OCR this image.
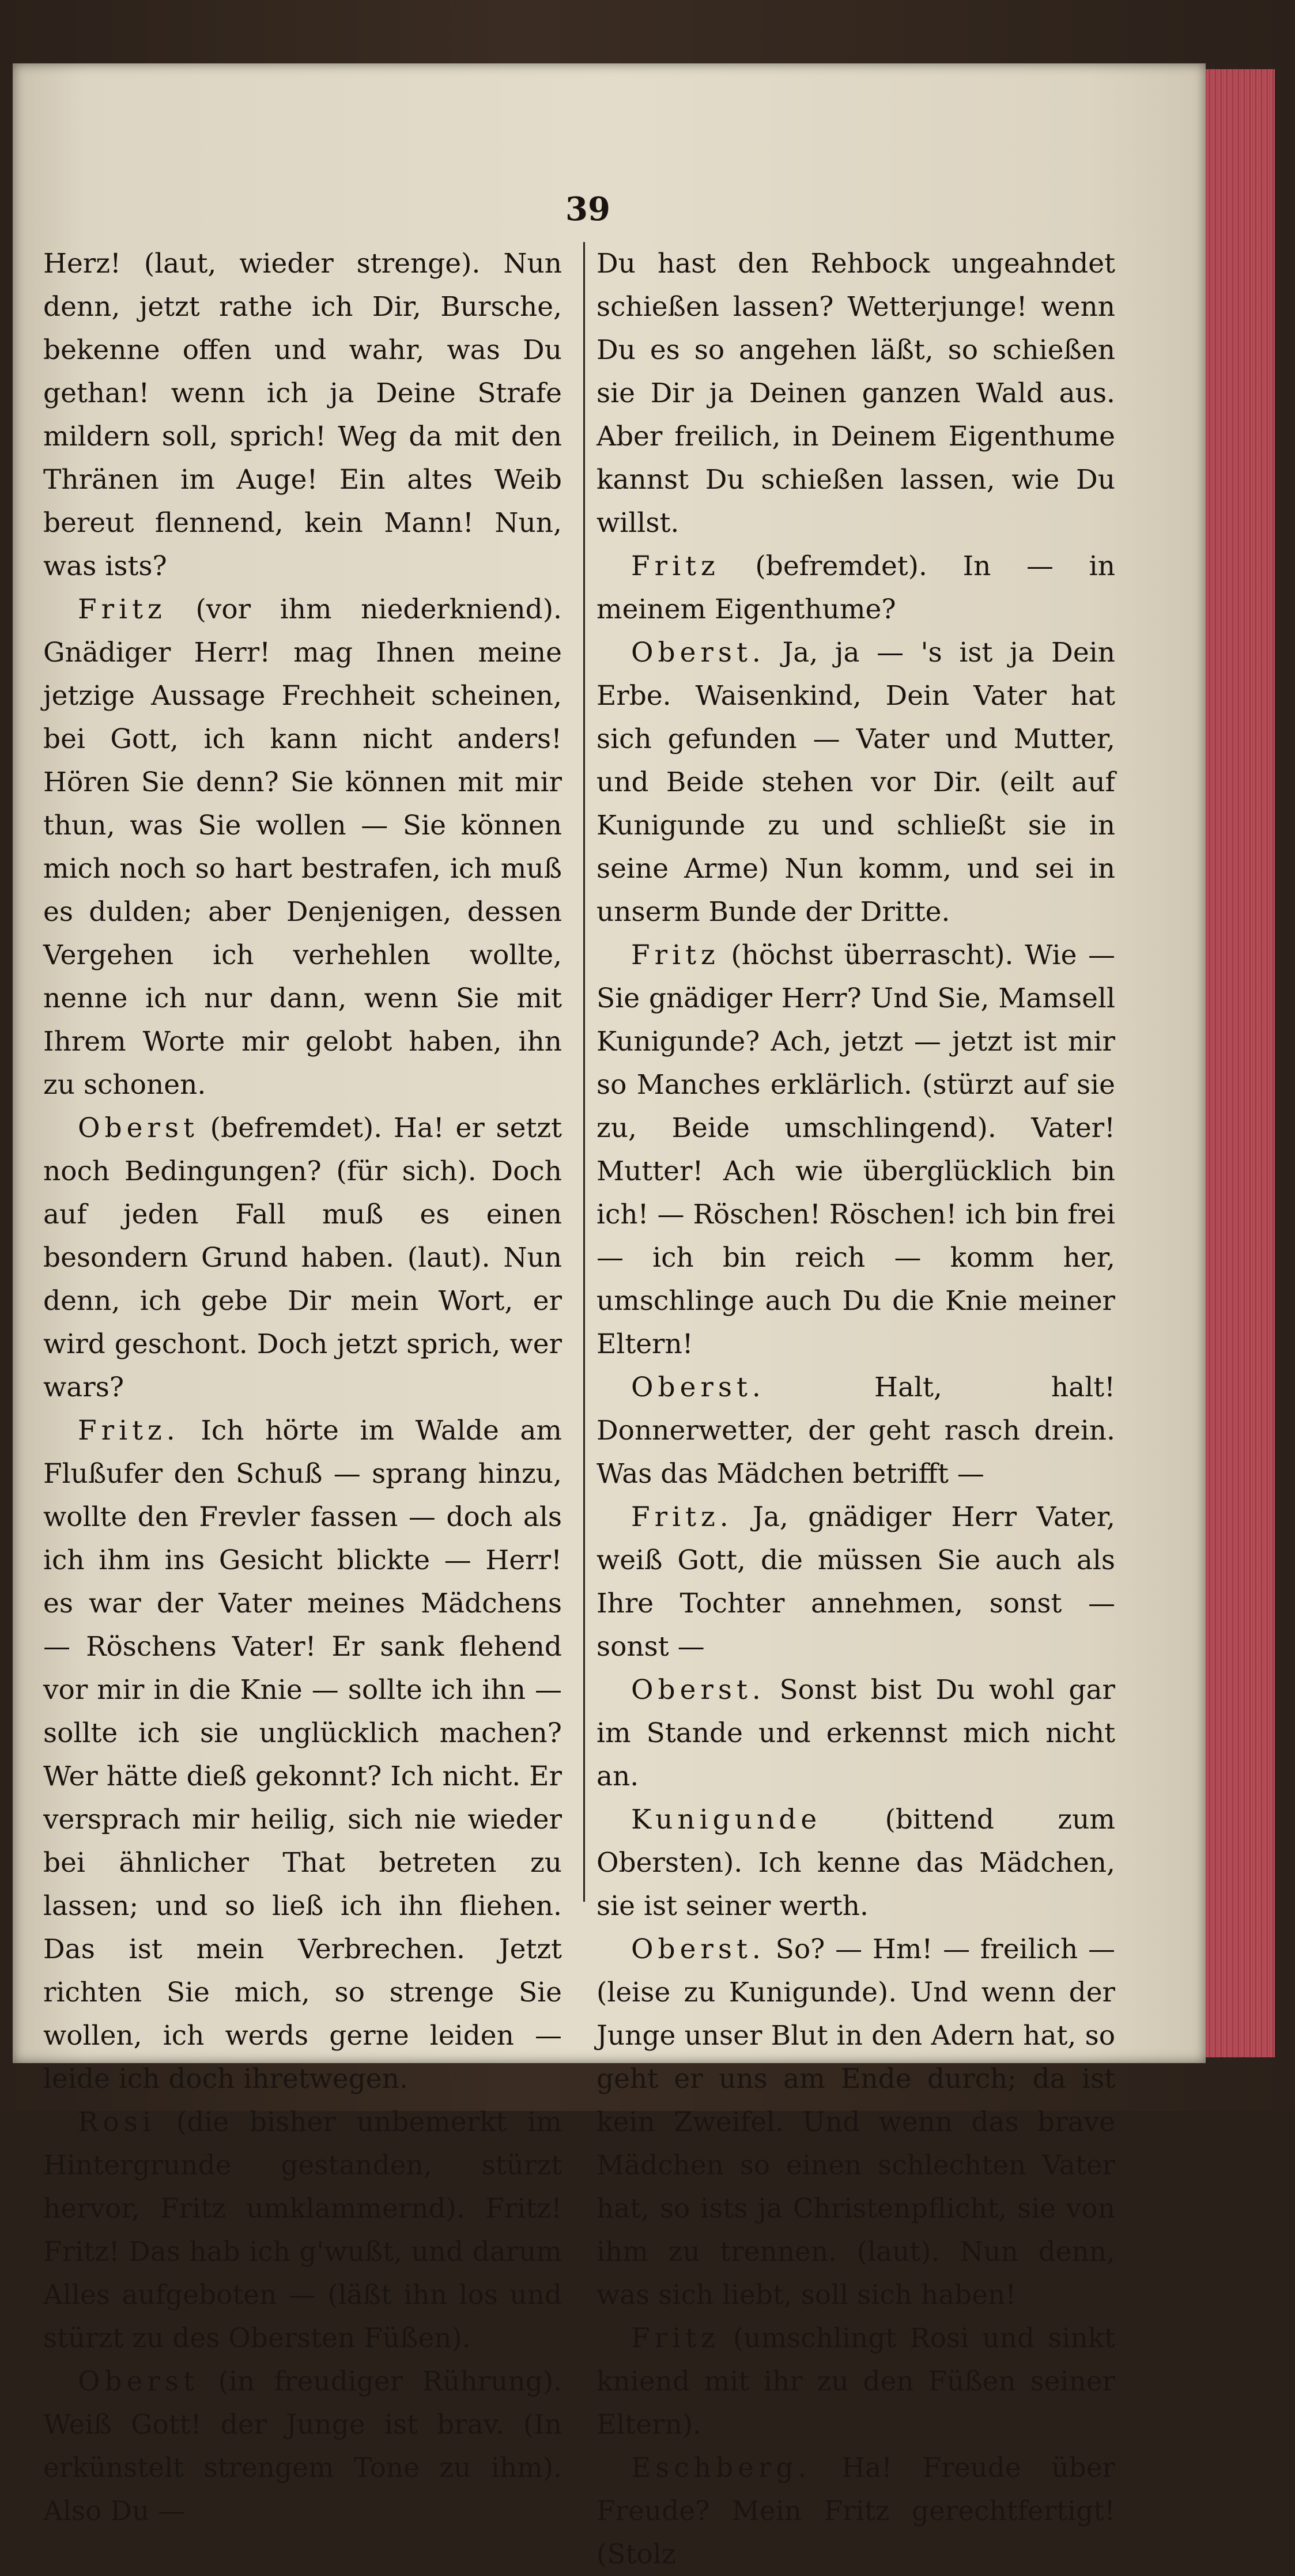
39

Herz! (laut, wieder strenge). Nun denn, jetzt rathe ich Dir, Bursche, bekenne offen und wahr, was Du gethan! wenn ich ja Deine Strafe mildern soll, sprich! Weg da mit den Thränen im Auge! Ein altes Weib bereut flennend, kein Mann! Nun, was ists?

Fritz (vor ihm niederkniend). Gnädiger Herr! mag Ihnen meine jetzige Aussage Frechheit scheinen, bei Gott, ich kann nicht anders! Hören Sie denn? Sie können mit mir thun, was Sie wollen — Sie können mich noch so hart bestrafen, ich muß es dulden; aber Denjenigen, dessen Vergehen ich verhehlen wollte, nenne ich nur dann, wenn Sie mit Ihrem Worte mir gelobt haben, ihn zu schonen.

Oberst (befremdet). Ha! er setzt noch Bedingungen? (für sich). Doch auf jeden Fall muß es einen besondern Grund haben. (laut). Nun denn, ich gebe Dir mein Wort, er wird geschont. Doch jetzt sprich, wer wars?

Fritz. Ich hörte im Walde am Flußufer den Schuß — sprang hinzu, wollte den Frevler fassen — doch als ich ihm ins Gesicht blickte — Herr! es war der Vater meines Mädchens — Röschens Vater! Er sank flehend vor mir in die Knie — sollte ich ihn — sollte ich sie unglücklich machen? Wer hätte dieß gekonnt? Ich nicht. Er versprach mir heilig, sich nie wieder bei ähnlicher That betreten zu lassen; und so ließ ich ihn fliehen. Das ist mein Verbrechen. Jetzt richten Sie mich, so strenge Sie wollen, ich werds gerne leiden — leide ich doch ihretwegen.

Rosi (die bisher unbemerkt im Hintergrunde gestanden, stürzt hervor, Fritz umklammernd). Fritz! Fritz! Das hab ich g'wußt, und darum Alles aufgeboten — (läßt ihn los und stürzt zu des Obersten Füßen).

Oberst (in freudiger Rührung). Weiß Gott! der Junge ist brav. (In erkünstelt strengem Tone zu ihm). Also Du —

Du hast den Rehbock ungeahndet schießen lassen? Wetterjunge! wenn Du es so angehen läßt, so schießen sie Dir ja Deinen ganzen Wald aus. Aber freilich, in Deinem Eigenthume kannst Du schießen lassen, wie Du willst.

Fritz (befremdet). In — in meinem Eigenthume?

Oberst. Ja, ja — 's ist ja Dein Erbe. Waisenkind, Dein Vater hat sich gefunden — Vater und Mutter, und Beide stehen vor Dir. (eilt auf Kunigunde zu und schließt sie in seine Arme) Nun komm, und sei in unserm Bunde der Dritte.

Fritz (höchst überrascht). Wie — Sie gnädiger Herr? Und Sie, Mamsell Kunigunde? Ach, jetzt — jetzt ist mir so Manches erklärlich. (stürzt auf sie zu, Beide umschlingend). Vater! Mutter! Ach wie überglücklich bin ich! — Röschen! Röschen! ich bin frei — ich bin reich — komm her, umschlinge auch Du die Knie meiner Eltern!

Oberst.	Halt, halt! Donnerwetter, der geht rasch drein. Was das Mädchen betrifft —

Fritz. Ja, gnädiger Herr Vater, weiß Gott, die müssen Sie auch als Ihre Tochter annehmen, sonst — sonst —

Oberst. Sonst bist Du wohl gar im Stande und erkennst mich nicht an.

Kunigunde (bittend zum Obersten). Ich kenne das Mädchen, sie ist seiner werth.

Oberst. So? — Hm! — freilich — (leise zu Kunigunde). Und wenn der Junge unser Blut in den Adern hat, so geht er uns am Ende durch; da ist kein Zweifel. Und wenn das brave Mädchen so einen schlechten Vater hat, so ists ja Christenpflicht, sie von ihm zu trennen. (laut). Nun denn, was sich liebt, soll sich haben!

Fritz (umschlingt Rosi und sinkt kniend mit ihr zu den Füßen seiner Eltern).

Eschberg. Ha! Freude über Freude? Mein Fritz gerechtfertigt! (Stolz
